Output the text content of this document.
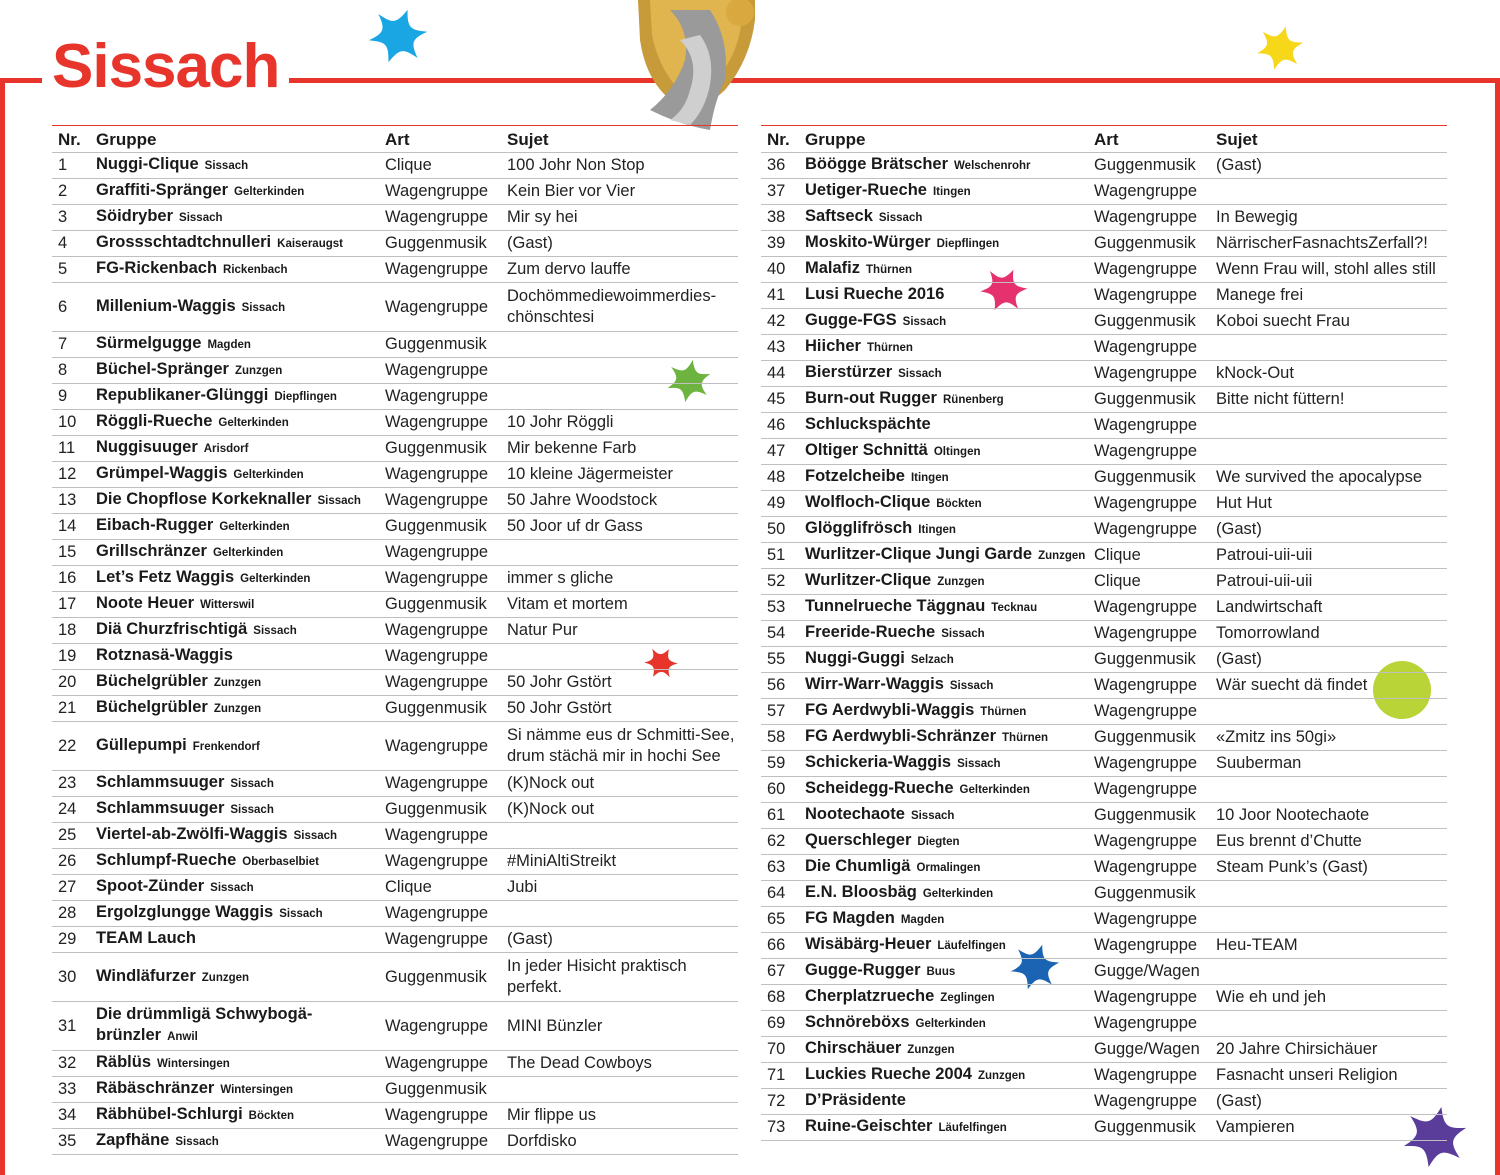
Sissach
Nr.	Gruppe	Art	Sujet
1	Nuggi-Clique Sissach	Clique	100 Johr Non Stop
2	Graffiti-Spränger Gelterkinden	Wagengruppe	Kein Bier vor Vier
3	Söidryber Sissach	Wagengruppe	Mir sy hei
4	Grossschtadtchnulleri Kaiseraugst	Guggenmusik	(Gast)
5	FG-Rickenbach Rickenbach	Wagengruppe	Zum dervo lauffe
6	Millenium-Waggis Sissach	Wagengruppe	Dochömmediewoimmerdies-chönschtesi
7	Sürmelgugge Magden	Guggenmusik	
8	Büchel-Spränger Zunzgen	Wagengruppe	
9	Republikaner-Glünggi Diepflingen	Wagengruppe	
10	Röggli-Rueche Gelterkinden	Wagengruppe	10 Johr Röggli
11	Nuggisuuger Arisdorf	Guggenmusik	Mir bekenne Farb
12	Grümpel-Waggis Gelterkinden	Wagengruppe	10 kleine Jägermeister
13	Die Chopflose Korkeknaller Sissach	Wagengruppe	50 Jahre Woodstock
14	Eibach-Rugger Gelterkinden	Guggenmusik	50 Joor uf dr Gass
15	Grillschränzer Gelterkinden	Wagengruppe	
16	Let’s Fetz Waggis Gelterkinden	Wagengruppe	immer s gliche
17	Noote Heuer Witterswil	Guggenmusik	Vitam et mortem
18	Diä Churzfrischtigä Sissach	Wagengruppe	Natur Pur
19	Rotznasä-Waggis	Wagengruppe	
20	Büchelgrübler Zunzgen	Wagengruppe	50 Johr Gstört
21	Büchelgrübler Zunzgen	Guggenmusik	50 Johr Gstört
22	Güllepumpi Frenkendorf	Wagengruppe	Si nämme eus dr Schmitti-See, drum stächä mir in hochi See
23	Schlammsuuger Sissach	Wagengruppe	(K)Nock out
24	Schlammsuuger Sissach	Guggenmusik	(K)Nock out
25	Viertel-ab-Zwölfi-Waggis Sissach	Wagengruppe	
26	Schlumpf-Rueche Oberbaselbiet	Wagengruppe	#MiniAltiStreikt
27	Spoot-Zünder Sissach	Clique	Jubi
28	Ergolzglungge Waggis Sissach	Wagengruppe	
29	TEAM Lauch	Wagengruppe	(Gast)
30	Windläfurzer Zunzgen	Guggenmusik	In jeder Hisicht praktisch perfekt.
31	Die drümmligä Schwybogä-brünzler Anwil	Wagengruppe	MINI Bünzler
32	Räblüs Wintersingen	Wagengruppe	The Dead Cowboys
33	Räbäschränzer Wintersingen	Guggenmusik	
34	Räbhübel-Schlurgi Böckten	Wagengruppe	Mir flippe us
35	Zapfhäne Sissach	Wagengruppe	Dorfdisko
Nr.	Gruppe	Art	Sujet
36	Böögge Brätscher Welschenrohr	Guggenmusik	(Gast)
37	Uetiger-Rueche Itingen	Wagengruppe	
38	Saftseck Sissach	Wagengruppe	In Bewegig
39	Moskito-Würger Diepflingen	Guggenmusik	NärrischerFasnachtsZerfall?!
40	Malafiz Thürnen	Wagengruppe	Wenn Frau will, stohl alles still
41	Lusi Rueche 2016	Wagengruppe	Manege frei
42	Gugge-FGS Sissach	Guggenmusik	Koboi suecht Frau
43	Hiicher Thürnen	Wagengruppe	
44	Bierstürzer Sissach	Wagengruppe	kNock-Out
45	Burn-out Rugger Rünenberg	Guggenmusik	Bitte nicht füttern!
46	Schluckspächte	Wagengruppe	
47	Oltiger Schnittä Oltingen	Wagengruppe	
48	Fotzelcheibe Itingen	Guggenmusik	We survived the apocalypse
49	Wolfloch-Clique Böckten	Wagengruppe	Hut Hut
50	Glögglifrösch Itingen	Wagengruppe	(Gast)
51	Wurlitzer-Clique Jungi Garde Zunzgen	Clique	Patroui-uii-uii
52	Wurlitzer-Clique Zunzgen	Clique	Patroui-uii-uii
53	Tunnelrueche Täggnau Tecknau	Wagengruppe	Landwirtschaft
54	Freeride-Rueche Sissach	Wagengruppe	Tomorrowland
55	Nuggi-Guggi Selzach	Guggenmusik	(Gast)
56	Wirr-Warr-Waggis Sissach	Wagengruppe	Wär suecht dä findet
57	FG Aerdwybli-Waggis Thürnen	Wagengruppe	
58	FG Aerdwybli-Schränzer Thürnen	Guggenmusik	«Zmitz ins 50gi»
59	Schickeria-Waggis Sissach	Wagengruppe	Suuberman
60	Scheidegg-Rueche Gelterkinden	Wagengruppe	
61	Nootechaote Sissach	Guggenmusik	10 Joor Nootechaote
62	Querschleger Diegten	Wagengruppe	Eus brennt d’Chutte
63	Die Chumligä Ormalingen	Wagengruppe	Steam Punk’s (Gast)
64	E.N. Bloosbäg Gelterkinden	Guggenmusik	
65	FG Magden Magden	Wagengruppe	
66	Wisäbärg-Heuer Läufelfingen	Wagengruppe	Heu-TEAM
67	Gugge-Rugger Buus	Gugge/Wagen	
68	Cherplatzrueche Zeglingen	Wagengruppe	Wie eh und jeh
69	Schnöreböxs Gelterkinden	Wagengruppe	
70	Chirschäuer Zunzgen	Gugge/Wagen	20 Jahre Chirsichäuer
71	Luckies Rueche 2004 Zunzgen	Wagengruppe	Fasnacht unseri Religion
72	D’Präsidente	Wagengruppe	(Gast)
73	Ruine-Geischter Läufelfingen	Guggenmusik	Vampieren
